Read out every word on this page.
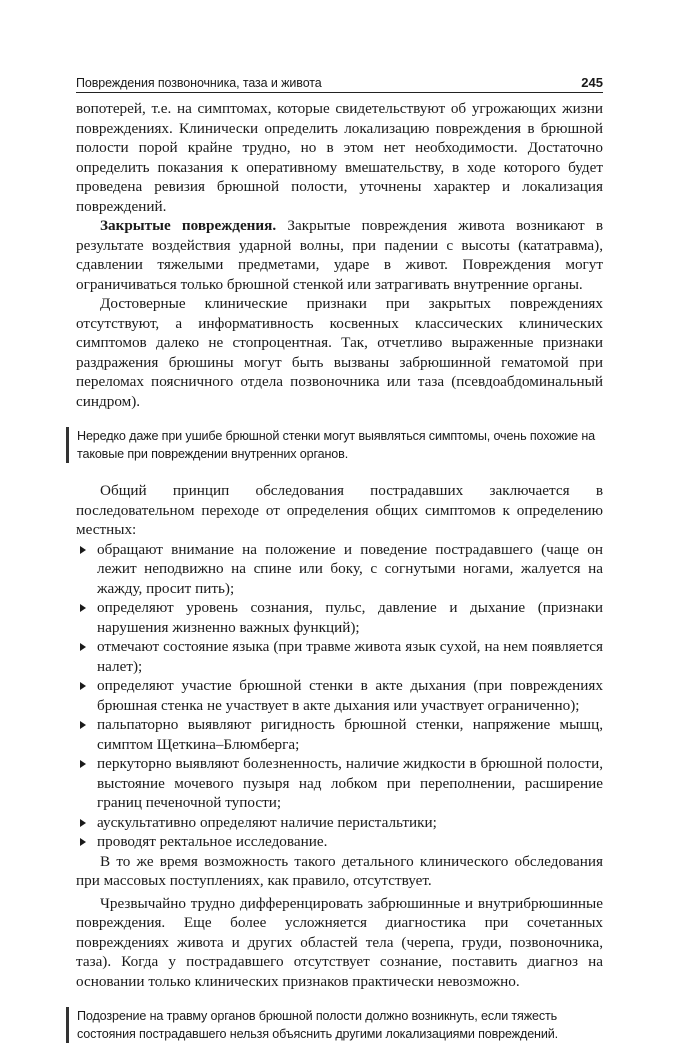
Повреждения позвоночника, таза и живота	245

вопотерей, т.е. на симптомах, которые свидетельствуют об угрожающих жизни повреждениях. Клинически определить локализацию повреждения в брюшной полости порой крайне трудно, но в этом нет необходимости. Достаточно определить показания к оперативному вмешательству, в ходе которого будет проведена ревизия брюшной полости, уточнены характер и локализация повреждений.

Закрытые повреждения. Закрытые повреждения живота возникают в результате воздействия ударной волны, при падении с высоты (кататравма), сдавлении тяжелыми предметами, ударе в живот. Повреждения могут ограничиваться только брюшной стенкой или затрагивать внутренние органы.

Достоверные клинические признаки при закрытых повреждениях отсутствуют, а информативность косвенных классических клинических симптомов далеко не стопроцентная. Так, отчетливо выраженные признаки раздражения брюшины могут быть вызваны забрюшинной гематомой при переломах поясничного отдела позвоночника или таза (псевдоабдоминальный синдром).

Нередко даже при ушибе брюшной стенки могут выявляться симптомы, очень похожие на таковые при повреждении внутренних органов.

Общий принцип обследования пострадавших заключается в последовательном переходе от определения общих симптомов к определению местных:

обращают внимание на положение и поведение пострадавшего (чаще он лежит неподвижно на спине или боку, с согнутыми ногами, жалуется на жажду, просит пить);
определяют уровень сознания, пульс, давление и дыхание (признаки нарушения жизненно важных функций);
отмечают состояние языка (при травме живота язык сухой, на нем появляется налет);
определяют участие брюшной стенки в акте дыхания (при повреждениях брюшная стенка не участвует в акте дыхания или участвует ограниченно);
пальпаторно выявляют ригидность брюшной стенки, напряжение мышц, симптом Щеткина–Блюмберга;
перкуторно выявляют болезненность, наличие жидкости в брюшной полости, выстояние мочевого пузыря над лобком при переполнении, расширение границ печеночной тупости;
аускультативно определяют наличие перистальтики;
проводят ректальное исследование.

В то же время возможность такого детального клинического обследования при массовых поступлениях, как правило, отсутствует.

Чрезвычайно трудно дифференцировать забрюшинные и внутрибрюшинные повреждения. Еще более усложняется диагностика при сочетанных повреждениях живота и других областей тела (черепа, груди, позвоночника, таза). Когда у пострадавшего отсутствует сознание, поставить диагноз на основании только клинических признаков практически невозможно.

Подозрение на травму органов брюшной полости должно возникнуть, если тяжесть состояния пострадавшего нельзя объяснить другими локализациями повреждений.
